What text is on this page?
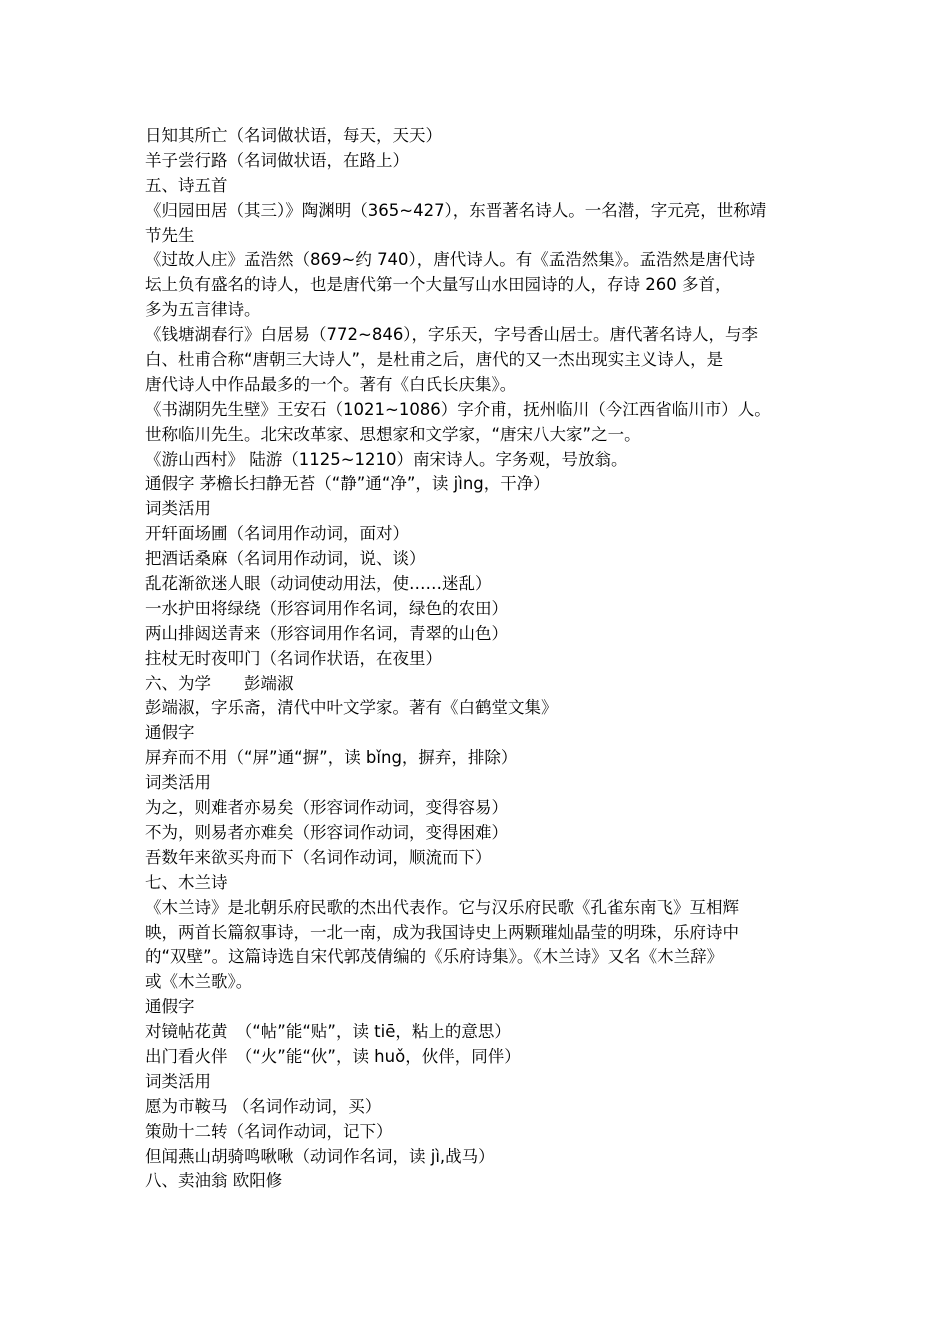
日知其所亡（名词做状语，每天，天天）
羊子尝行路（名词做状语，在路上）
五、诗五首
《归园田居（其三）》陶渊明（365~427），东晋著名诗人。一名潜，字元亮，世称靖
节先生
《过故人庄》孟浩然（869~约 740），唐代诗人。有《孟浩然集》。孟浩然是唐代诗
坛上负有盛名的诗人，也是唐代第一个大量写山水田园诗的人，存诗 260 多首，
多为五言律诗。
《钱塘湖春行》白居易（772~846），字乐天，字号香山居士。唐代著名诗人，与李
白、杜甫合称“唐朝三大诗人”，是杜甫之后，唐代的又一杰出现实主义诗人，是
唐代诗人中作品最多的一个。著有《白氏长庆集》。
《书湖阴先生壁》王安石（1021~1086）字介甫，抚州临川（今江西省临川市）人。
世称临川先生。北宋改革家、思想家和文学家，“唐宋八大家”之一。
《游山西村》 陆游（1125~1210）南宋诗人。字务观，号放翁。
通假字 茅檐长扫静无苔（“静”通“净”，读 jìng，干净）
词类活用
开轩面场圃（名词用作动词，面对）
把酒话桑麻（名词用作动词，说、谈）
乱花渐欲迷人眼（动词使动用法，使……迷乱）
一水护田将绿绕（形容词用作名词，绿色的农田）
两山排闼送青来（形容词用作名词，青翠的山色）
拄杖无时夜叩门（名词作状语，在夜里）
六、为学　　彭端淑
彭端淑，字乐斋，清代中叶文学家。著有《白鹤堂文集》
通假字
屏弃而不用（“屏”通“摒”，读 bǐng，摒弃，排除）
词类活用
为之，则难者亦易矣（形容词作动词，变得容易）
不为，则易者亦难矣（形容词作动词，变得困难）
吾数年来欲买舟而下（名词作动词，顺流而下）
七、木兰诗
《木兰诗》是北朝乐府民歌的杰出代表作。它与汉乐府民歌《孔雀东南飞》互相辉
映，两首长篇叙事诗，一北一南，成为我国诗史上两颗璀灿晶莹的明珠，乐府诗中
的“双壁”。这篇诗选自宋代郭茂倩编的《乐府诗集》。《木兰诗》又名《木兰辞》
或《木兰歌》。
通假字
对镜帖花黄　（“帖”能“贴”，读 tiē，粘上的意思）
出门看火伴　（“火”能“伙”，读 huǒ，伙伴，同伴）
词类活用
愿为市鞍马 （名词作动词，买）
策勋十二转（名词作动词，记下）
但闻燕山胡骑鸣啾啾（动词作名词，读 jì,战马）
八、卖油翁 欧阳修
